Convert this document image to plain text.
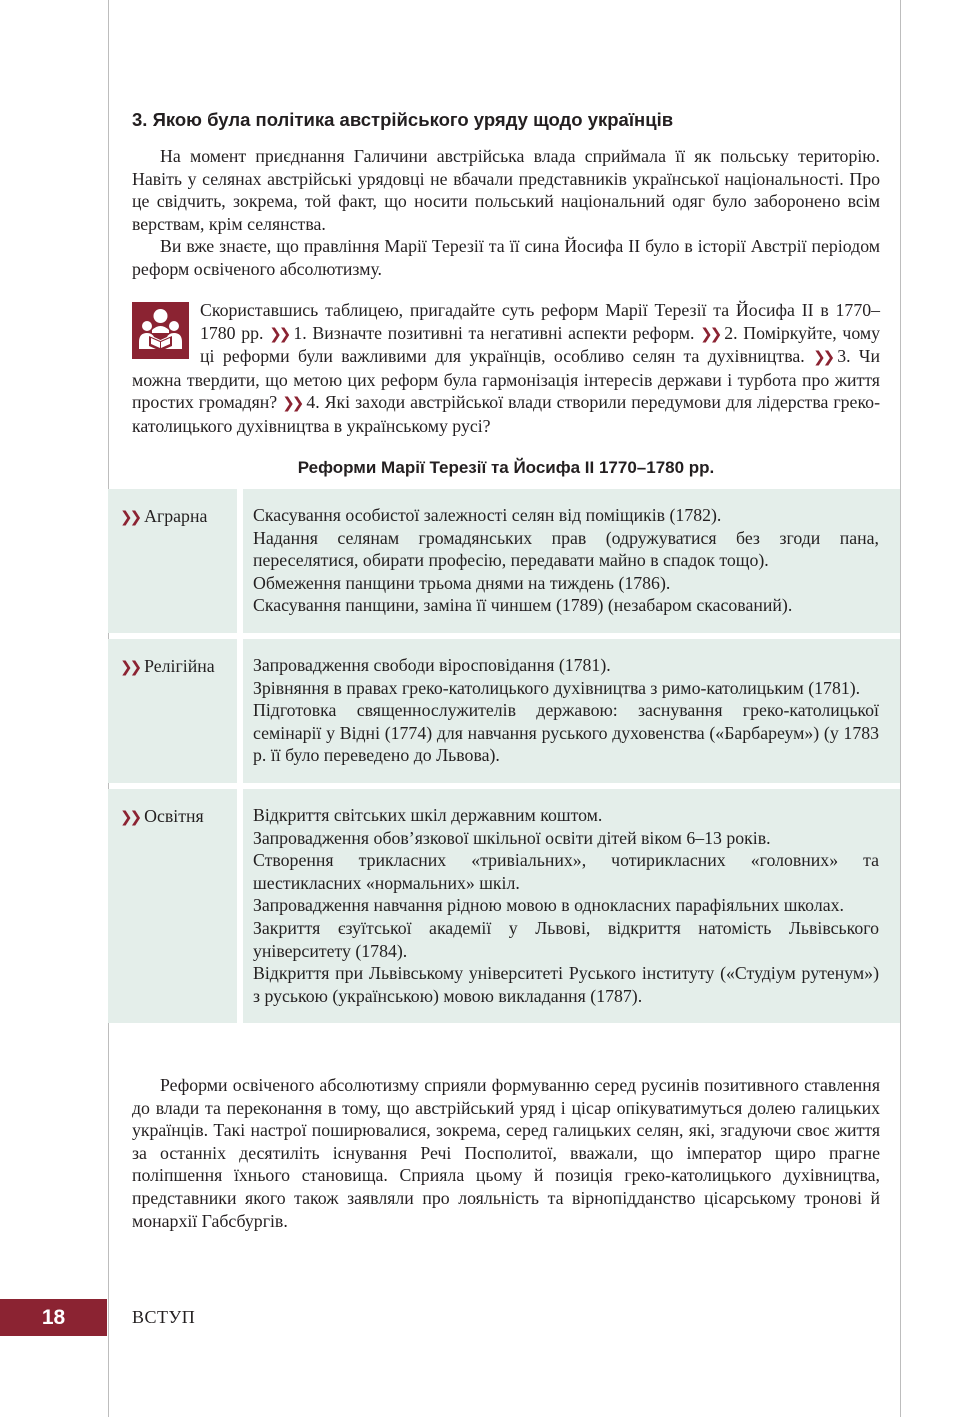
3. Якою була політика австрійського уряду щодо українців

На момент приєднання Галичини австрійська влада сприймала її як польську територію. Навіть у селянах австрійські урядовці не вбачали представників української національності. Про це свідчить, зокрема, той факт, що носити польський національний одяг було заборонено всім верствам, крім селянства.

Ви вже знаєте, що правління Марії Терезії та її сина Йосифа II було в історії Австрії періодом реформ освіченого абсолютизму.

Скориставшись таблицею, пригадайте суть реформ Марії Терезії та Йосифа II в 1770–1780 рр. ❯❯ 1. Визначте позитивні та негативні аспекти реформ. ❯❯ 2. Поміркуйте, чому ці реформи були важливими для українців, особливо селян та духівництва. ❯❯ 3. Чи можна твердити, що метою цих реформ була гармонізація інтересів держави і турбота про життя простих громадян? ❯❯ 4. Які заходи австрійської влади створили передумови для лідерства греко-католицького духівництва в українському русі?
Реформи Марії Терезії та Йосифа II 1770–1780 рр.
❯❯ Аграрна	Скасування особистої залежності селян від поміщиків (1782).
Надання селянам громадянських прав (одружуватися без згоди пана, переселятися, обирати професію, передавати майно в спадок тощо).
Обмеження панщини трьома днями на тиждень (1786).
Скасування панщини, заміна її чиншем (1789) (незабаром скасований).
❯❯ Релігійна	Запровадження свободи віросповідання (1781).
Зрівняння в правах греко-католицького духівництва з римо-католицьким (1781).
Підготовка священнослужителів державою: заснування греко-католицької семінарії у Відні (1774) для навчання руського духовенства («Барбареум») (у 1783 р. її було переведено до Львова).
❯❯ Освітня	Відкриття світських шкіл державним коштом.
Запровадження обов’язкової шкільної освіти дітей віком 6–13 років.
Створення трикласних «тривіальних», чотирикласних «головних» та шестикласних «нормальних» шкіл.
Запровадження навчання рідною мовою в однокласних парафіяльних школах.
Закриття єзуїтської академії у Львові, відкриття натомість Львівського університету (1784).
Відкриття при Львівському університеті Руського інституту («Студіум рутенум») з руською (українською) мовою викладання (1787).

Реформи освіченого абсолютизму сприяли формуванню серед русинів позитивного ставлення до влади та переконання в тому, що австрійський уряд і цісар опікуватимуться долею галицьких українців. Такі настрої поширювалися, зокрема, серед галицьких селян, які, згадуючи своє життя за останніх десятиліть існування Речі Посполитої, вважали, що імператор щиро прагне поліпшення їхнього становища. Сприяла цьому й позиція греко-католицького духівництва, представники якого також заявляли про лояльність та вірнопідданство цісарському тронові й монархії Габсбургів.

18	ВСТУП
